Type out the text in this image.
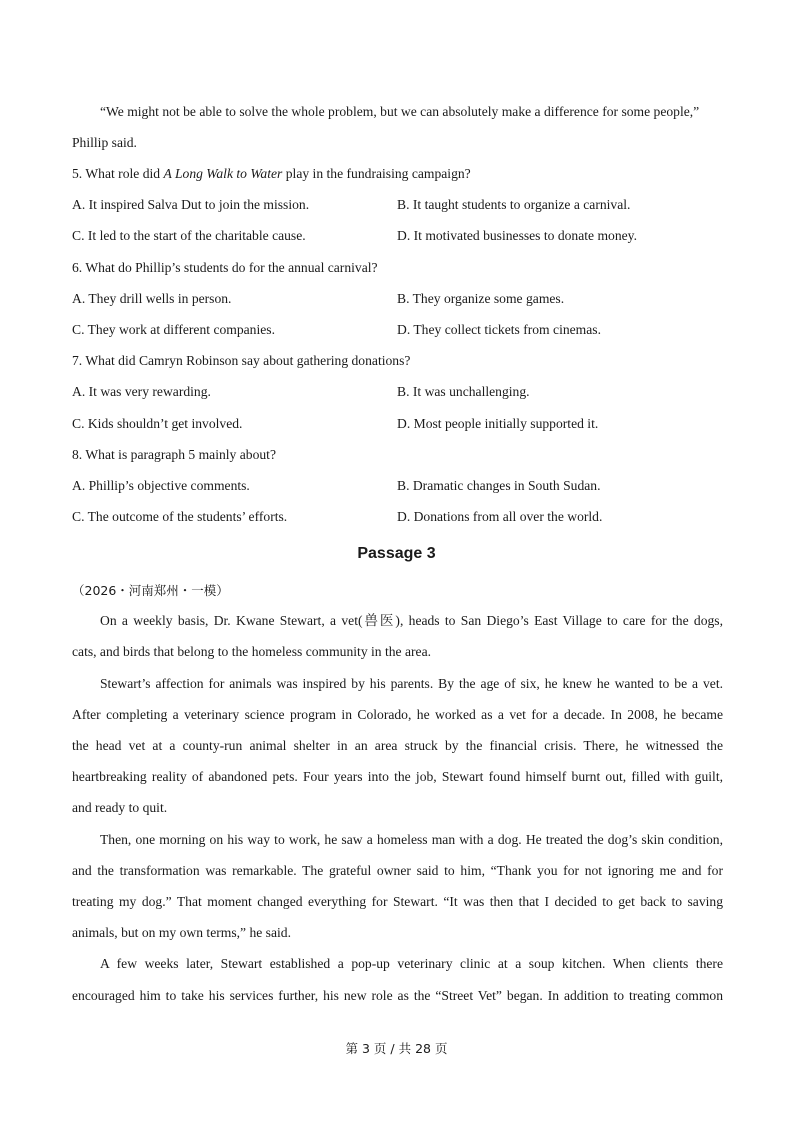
“We might not be able to solve the whole problem, but we can absolutely make a difference for some people,”
Phillip said.
5. What role did A Long Walk to Water play in the fundraising campaign?
A. It inspired Salva Dut to join the mission.	B. It taught students to organize a carnival.
C. It led to the start of the charitable cause.	D. It motivated businesses to donate money.
6. What do Phillip’s students do for the annual carnival?
A. They drill wells in person.	B. They organize some games.
C. They work at different companies.	D. They collect tickets from cinemas.
7. What did Camryn Robinson say about gathering donations?
A. It was very rewarding.	B. It was unchallenging.
C. Kids shouldn’t get involved.	D. Most people initially supported it.
8. What is paragraph 5 mainly about?
A. Phillip’s objective comments.	B. Dramatic changes in South Sudan.
C. The outcome of the students’ efforts.	D. Donations from all over the world.
Passage 3
（2026・河南郑州・一模）
On a weekly basis, Dr. Kwane Stewart, a vet(兽医), heads to San Diego’s East Village to care for the dogs,
cats, and birds that belong to the homeless community in the area.
Stewart’s affection for animals was inspired by his parents. By the age of six, he knew he wanted to be a vet.
After completing a veterinary science program in Colorado, he worked as a vet for a decade. In 2008, he became
the head vet at a county-run animal shelter in an area struck by the financial crisis. There, he witnessed the
heartbreaking reality of abandoned pets. Four years into the job, Stewart found himself burnt out, filled with guilt,
and ready to quit.
Then, one morning on his way to work, he saw a homeless man with a dog. He treated the dog’s skin condition,
and the transformation was remarkable. The grateful owner said to him, “Thank you for not ignoring me and for
treating my dog.” That moment changed everything for Stewart. “It was then that I decided to get back to saving
animals, but on my own terms,” he said.
A few weeks later, Stewart established a pop-up veterinary clinic at a soup kitchen. When clients there
encouraged him to take his services further, his new role as the “Street Vet” began. In addition to treating common
第 3 页 / 共 28 页
